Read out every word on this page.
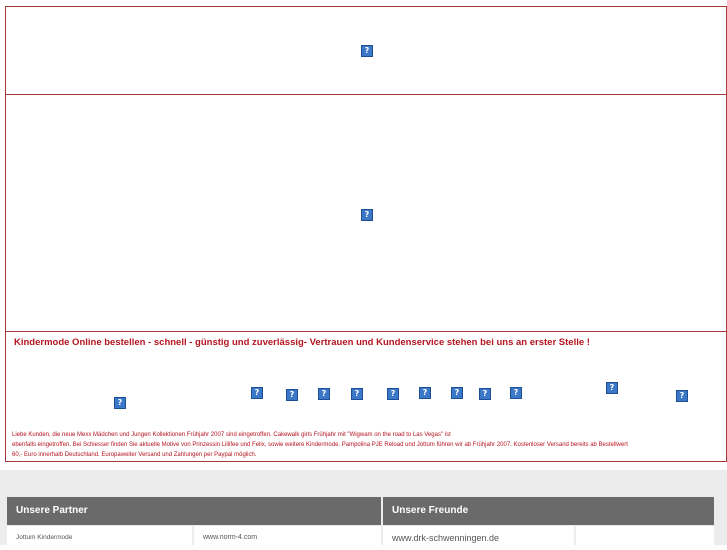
?
?
Kindermode Online bestellen - schnell - günstig und zuverlässig- Vertrauen und Kundenservice stehen bei uns an erster Stelle !
?
?	?	?	?	?	?	?	?	?
?
?

Liebe Kunden, die neue Mexx Mädchen und Jungen Kollektionen Frühjahr 2007 sind eingetroffen. Cakewalk girls Frühjahr mit "Wigwam on the road to Las Vegas" ist

ebenfalls eingetroffen. Bei Schiesser finden Sie aktuelle Motive von Prinzessin Lillifee und Felix, sowie weitere Kindermode. Pampolina PJE Reload und Jottum führen wir ab Frühjahr 2007. Kostenloser Versand bereits ab Bestellwert

60,- Euro innerhalb Deutschland. Europaweiter Versand und Zahlungen per Paypal möglich.

Unsere Partner	Unsere Freunde
Jottum Kindermode	www.norm-4.com	www.drk-schwenningen.de
